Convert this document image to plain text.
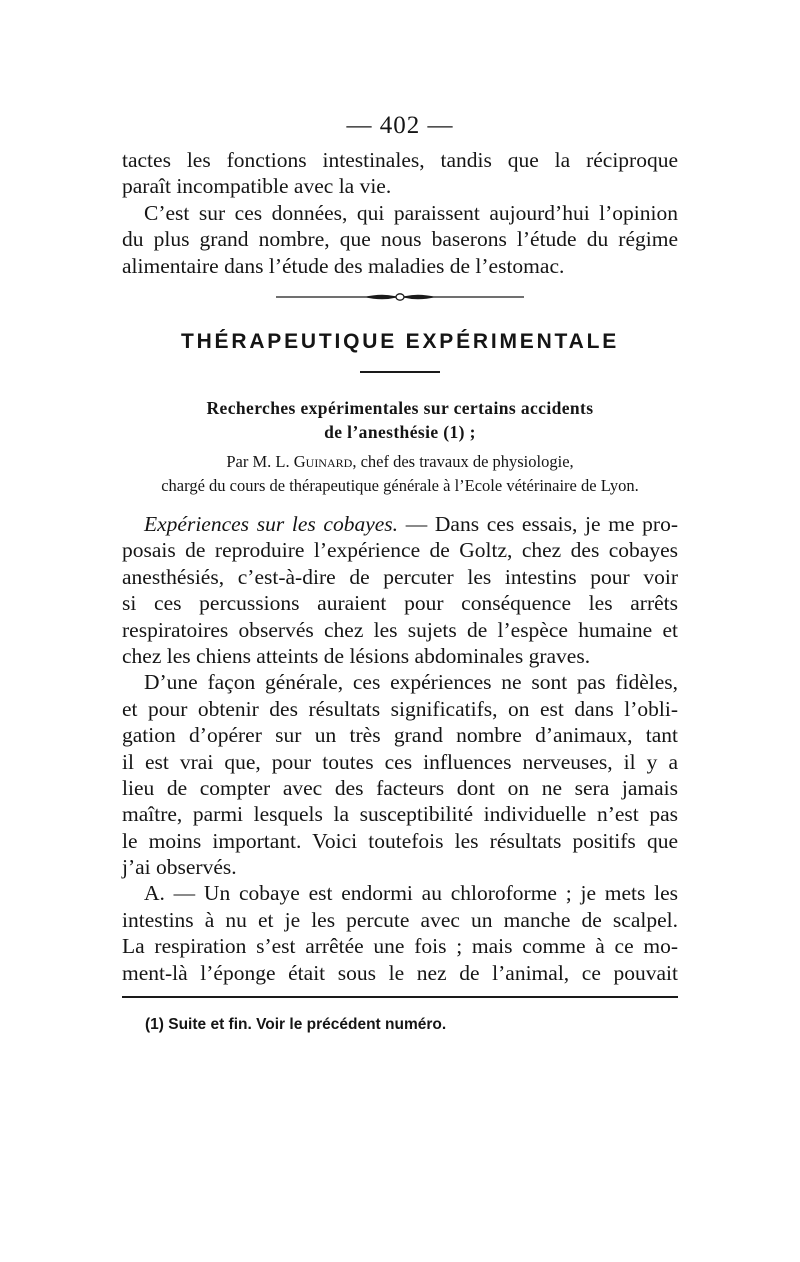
— 402 —
tactes les fonctions intestinales, tandis que la réciproque
paraît incompatible avec la vie.
C’est sur ces données, qui paraissent aujourd’hui l’opinion
du plus grand nombre, que nous baserons l’étude du régime
alimentaire dans l’étude des maladies de l’estomac.
THÉRAPEUTIQUE EXPÉRIMENTALE
Recherches expérimentales sur certains accidents
de l’anesthésie (1) ;
Par M. L. Guinard, chef des travaux de physiologie,
chargé du cours de thérapeutique générale à l’Ecole vétérinaire de Lyon.
Expériences sur les cobayes. — Dans ces essais, je me pro-
posais de reproduire l’expérience de Goltz, chez des cobayes
anesthésiés, c’est-à-dire de percuter les intestins pour voir
si ces percussions auraient pour conséquence les arrêts
respiratoires observés chez les sujets de l’espèce humaine et
chez les chiens atteints de lésions abdominales graves.
D’une façon générale, ces expériences ne sont pas fidèles,
et pour obtenir des résultats significatifs, on est dans l’obli-
gation d’opérer sur un très grand nombre d’animaux, tant
il est vrai que, pour toutes ces influences nerveuses, il y a
lieu de compter avec des facteurs dont on ne sera jamais
maître, parmi lesquels la susceptibilité individuelle n’est pas
le moins important. Voici toutefois les résultats positifs que
j’ai observés.
A. — Un cobaye est endormi au chloroforme ; je mets les
intestins à nu et je les percute avec un manche de scalpel.
La respiration s’est arrêtée une fois ; mais comme à ce mo-
ment-là l’éponge était sous le nez de l’animal, ce pouvait
(1) Suite et fin. Voir le précédent numéro.
